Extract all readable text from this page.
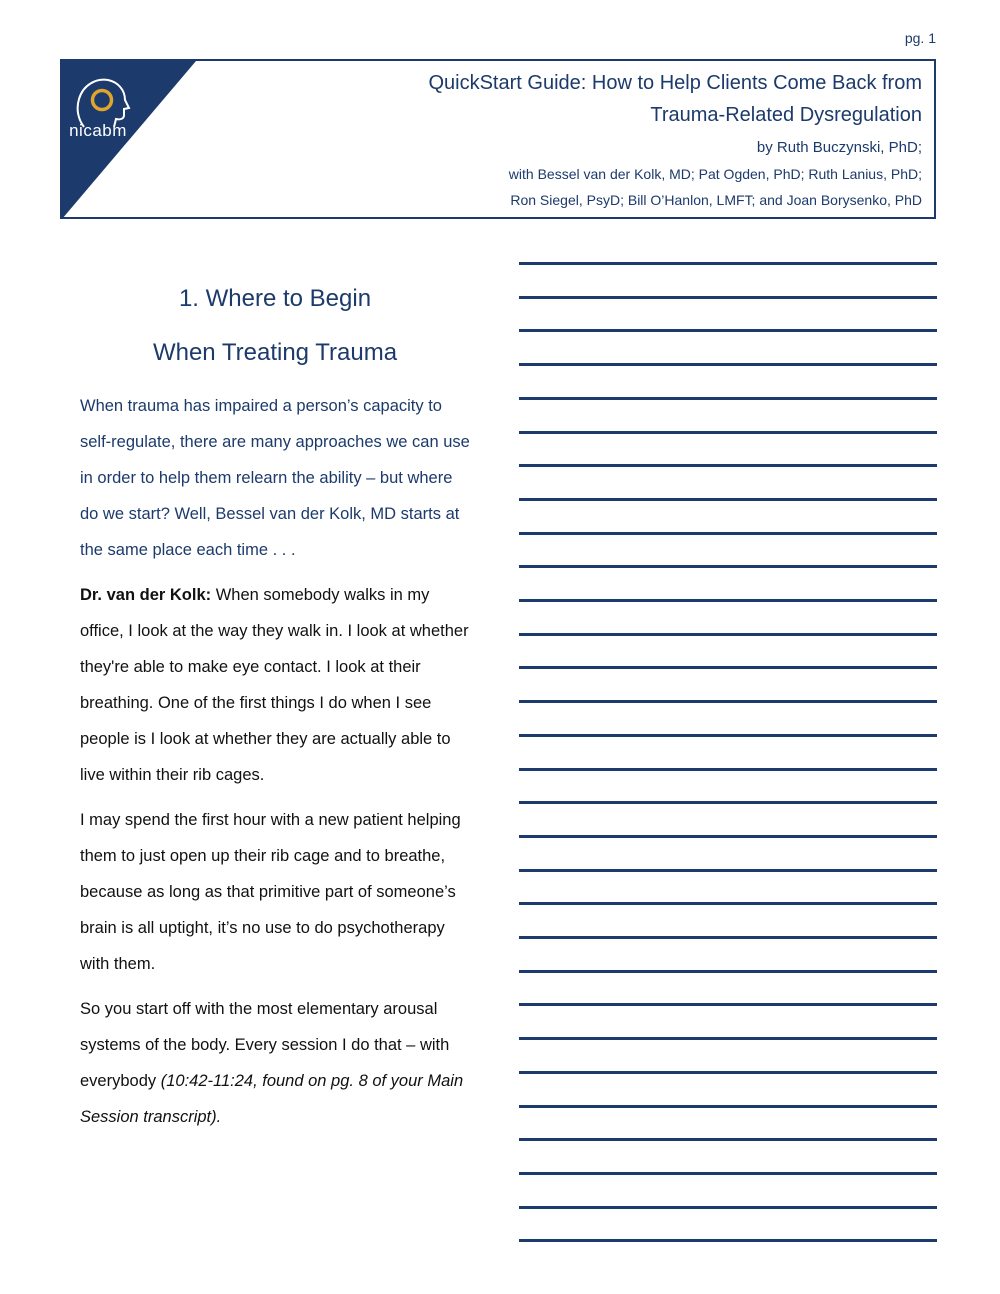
pg. 1
nicabm
QuickStart Guide: How to Help Clients Come Back from
Trauma-Related Dysregulation
by Ruth Buczynski, PhD;
with Bessel van der Kolk, MD; Pat Ogden, PhD; Ruth Lanius, PhD;
Ron Siegel, PsyD; Bill O’Hanlon, LMFT; and Joan Borysenko, PhD
1. Where to Begin
When Treating Trauma

When trauma has impaired a person’s capacity to self-regulate, there are many approaches we can use in order to help them relearn the ability – but where do we start? Well, Bessel van der Kolk, MD starts at the same place each time . . .

Dr. van der Kolk: When somebody walks in my office, I look at the way they walk in. I look at whether they're able to make eye contact. I look at their breathing. One of the first things I do when I see people is I look at whether they are actually able to live within their rib cages.

I may spend the first hour with a new patient helping them to just open up their rib cage and to breathe, because as long as that primitive part of someone’s brain is all uptight, it’s no use to do psychotherapy with them.

So you start off with the most elementary arousal systems of the body. Every session I do that – with everybody (10:42-11:24, found on pg. 8 of your Main Session transcript).
